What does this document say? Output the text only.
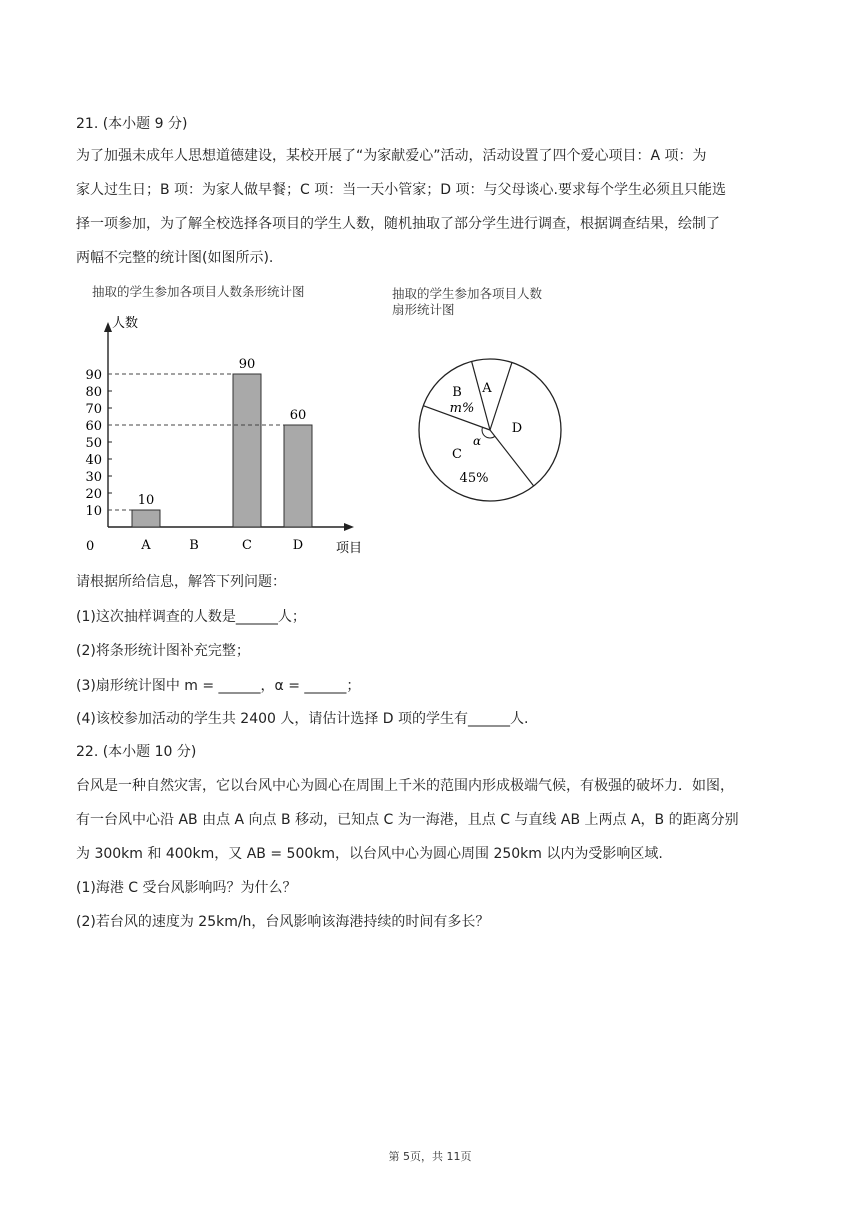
21. (本小题 9 分)
为了加强未成年人思想道德建设，某校开展了“为家献爱心”活动，活动设置了四个爱心项目：A 项：为
家人过生日；B 项：为家人做早餐；C 项：当一天小管家；D 项：与父母谈心.要求每个学生必须且只能选
择一项参加，为了解全校选择各项目的学生人数，随机抽取了部分学生进行调查，根据调查结果，绘制了
两幅不完整的统计图(如图所示).
抽取的学生参加各项目人数条形统计图
人数
项目
0
10
20
30
40
50
60
70
80
90
A
10
B	C
90
D
60
抽取的学生参加各项目人数
扇形统计图
A
B
m%
D
C
45%
α
请根据所给信息，解答下列问题：
(1)这次抽样调查的人数是______人；
(2)将条形统计图补充完整；
(3)扇形统计图中 m = ______，α = ______；
(4)该校参加活动的学生共 2400 人，请估计选择 D 项的学生有______人.
22. (本小题 10 分)
台风是一种自然灾害，它以台风中心为圆心在周围上千米的范围内形成极端气候，有极强的破坏力．如图，
有一台风中心沿 AB 由点 A 向点 B 移动，已知点 C 为一海港，且点 C 与直线 AB 上两点 A，B 的距离分别
为 300km 和 400km，又 AB = 500km，以台风中心为圆心周围 250km 以内为受影响区域.
(1)海港 C 受台风影响吗？为什么？
(2)若台风的速度为 25km/h，台风影响该海港持续的时间有多长？
第 5页，共 11页
